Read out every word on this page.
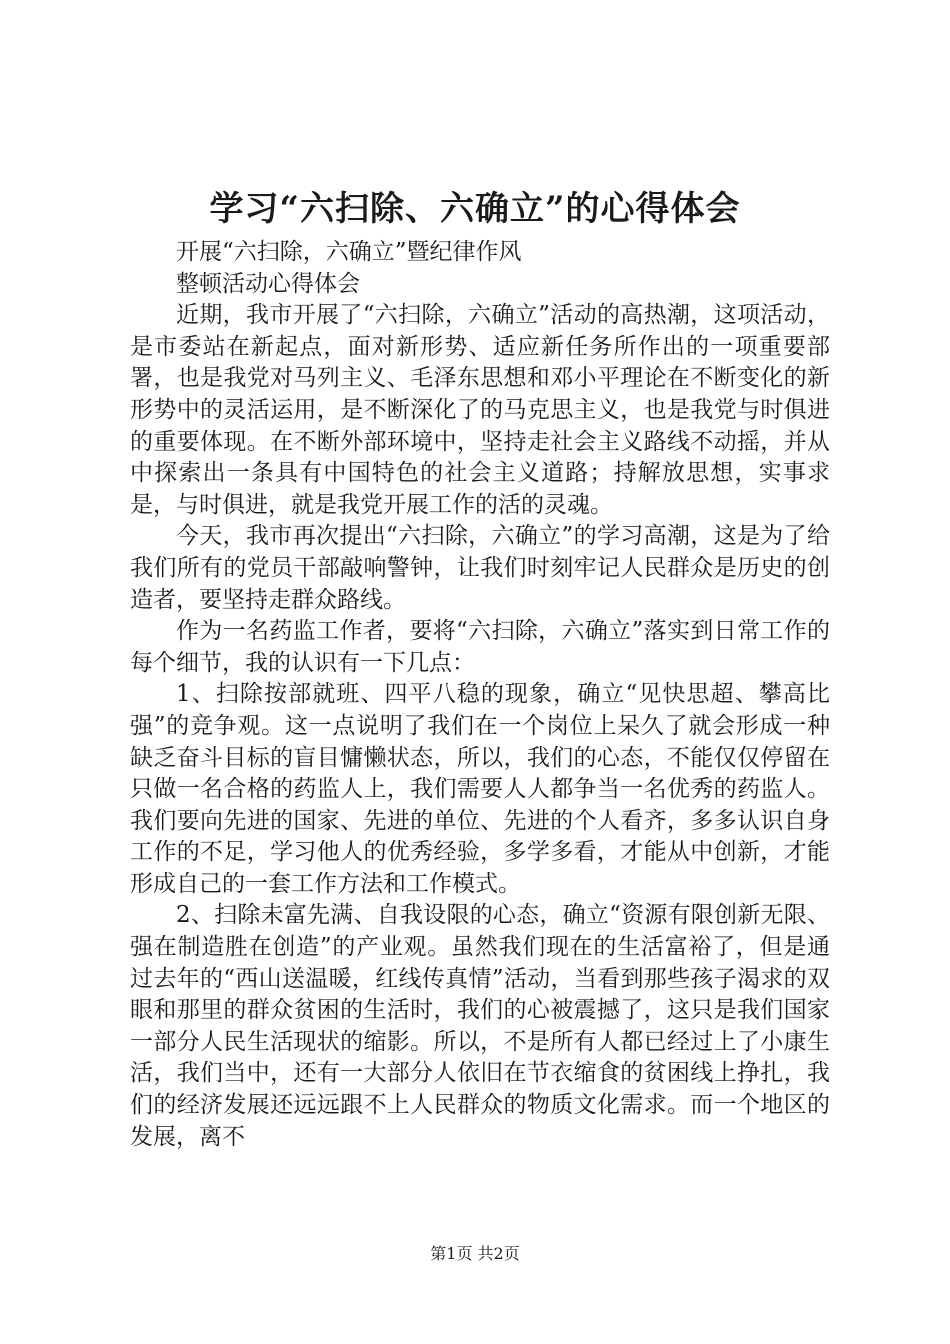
学习“六扫除、六确立”的心得体会

开展“六扫除，六确立”暨纪律作风

整顿活动心得体会

近期，我市开展了“六扫除，六确立”活动的高热潮，这项活动，是市委站在新起点，面对新形势、适应新任务所作出的一项重要部署，也是我党对马列主义、毛泽东思想和邓小平理论在不断变化的新形势中的灵活运用，是不断深化了的马克思主义，也是我党与时俱进的重要体现。在不断外部环境中，坚持走社会主义路线不动摇，并从中探索出一条具有中国特色的社会主义道路；持解放思想，实事求是，与时俱进，就是我党开展工作的活的灵魂。

今天，我市再次提出“六扫除，六确立”的学习高潮，这是为了给我们所有的党员干部敲响警钟，让我们时刻牢记人民群众是历史的创造者，要坚持走群众路线。

作为一名药监工作者，要将“六扫除，六确立”落实到日常工作的每个细节，我的认识有一下几点：

1、扫除按部就班、四平八稳的现象，确立“见快思超、攀高比强”的竞争观。这一点说明了我们在一个岗位上呆久了就会形成一种缺乏奋斗目标的盲目慵懒状态，所以，我们的心态，不能仅仅停留在只做一名合格的药监人上，我们需要人人都争当一名优秀的药监人。我们要向先进的国家、先进的单位、先进的个人看齐，多多认识自身工作的不足，学习他人的优秀经验，多学多看，才能从中创新，才能形成自己的一套工作方法和工作模式。

2、扫除未富先满、自我设限的心态，确立“资源有限创新无限、强在制造胜在创造”的产业观。虽然我们现在的生活富裕了，但是通过去年的“西山送温暖，红线传真情”活动，当看到那些孩子渴求的双眼和那里的群众贫困的生活时，我们的心被震撼了，这只是我们国家一部分人民生活现状的缩影。所以，不是所有人都已经过上了小康生活，我们当中，还有一大部分人依旧在节衣缩食的贫困线上挣扎，我们的经济发展还远远跟不上人民群众的物质文化需求。而一个地区的发展，离不

第1页 共2页
